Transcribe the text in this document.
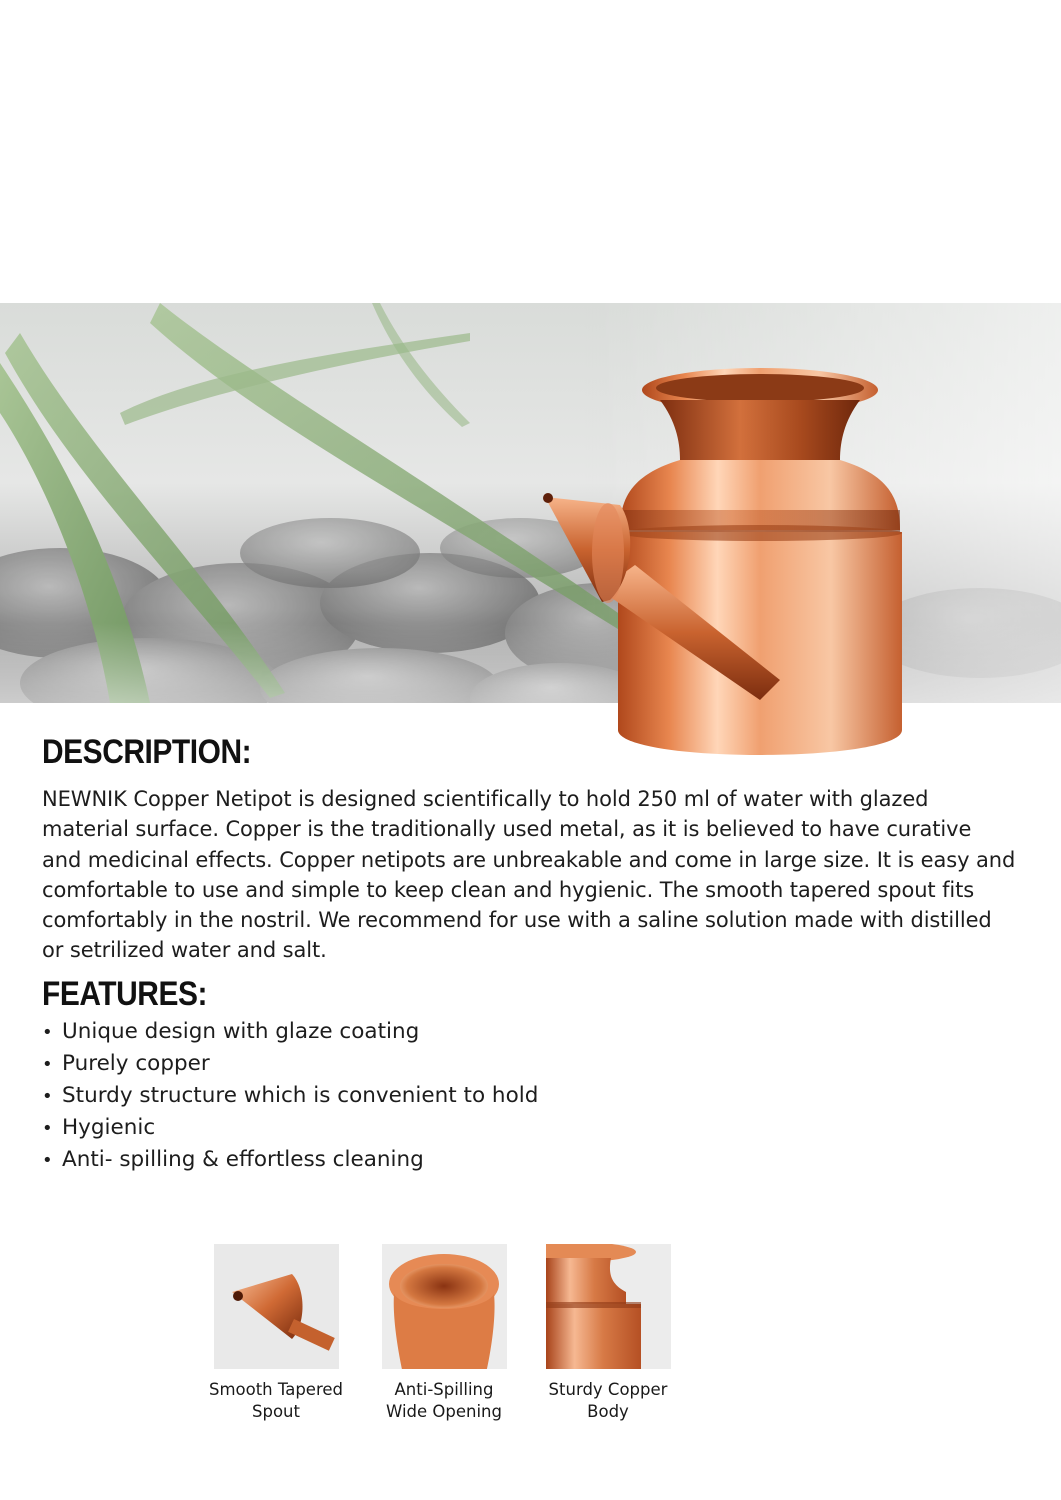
DESCRIPTION:

NEWNIK Copper Netipot is designed scientifically to hold 250 ml of water with glazed material surface. Copper is the traditionally used metal, as it is believed to have curative and medicinal effects. Copper netipots are unbreakable and come in large size. It is easy and comfortable to use and simple to keep clean and hygienic. The smooth tapered spout fits comfortably in the nostril. We recommend for use with a saline solution made with distilled or setrilized water and salt.

FEATURES:
• Unique design with glaze coating
• Purely copper
• Sturdy structure which is convenient to hold
• Hygienic
• Anti- spilling & effortless cleaning
Smooth Tapered
Spout
Anti-Spilling
Wide Opening
Sturdy Copper
Body
